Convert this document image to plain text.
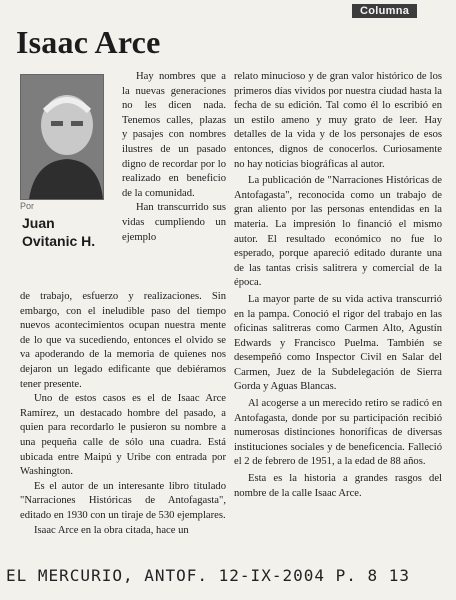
Columna
Isaac Arce
Por
Juan Ovitanic H.

Hay nombres que a la nuevas generaciones no les dicen nada. Tenemos calles, plazas y pasajes con nombres ilustres de un pasado digno de recordar por lo realizado en beneficio de la comunidad.

Han transcurrido sus vidas cumpliendo un ejemplo

de trabajo, esfuerzo y realizaciones. Sin embargo, con el ineludible paso del tiempo nuevos acontecimientos ocupan nuestra mente de lo que va sucediendo, entonces el olvido se va apoderando de la memoria de quienes nos dejaron un legado edificante que debiéramos tener presente.

Uno de estos casos es el de Isaac Arce Ramírez, un destacado hombre del pasado, a quien para recordarlo le pusieron su nombre a una pequeña calle de sólo una cuadra. Está ubicada entre Maipú y Uribe con entrada por Washington.

Es el autor de un interesante libro titulado "Narraciones Históricas de Antofagasta", editado en 1930 con un tiraje de 530 ejemplares.

Isaac Arce en la obra citada, hace un

relato minucioso y de gran valor histórico de los primeros días vividos por nuestra ciudad hasta la fecha de su edición. Tal como él lo escribió en un estilo ameno y muy grato de leer. Hay detalles de la vida y de los personajes de esos entonces, dignos de conocerlos. Curiosamente no hay noticias biográficas al autor.

La publicación de "Narraciones Históricas de Antofagasta", reconocida como un trabajo de gran aliento por las personas entendidas en la materia. La impresión lo financió el mismo autor. El resultado económico no fue lo esperado, porque apareció editado durante una de las tantas crisis salitrera y comercial de la época.

La mayor parte de su vida activa transcurrió en la pampa. Conoció el rigor del trabajo en las oficinas salitreras como Carmen Alto, Agustín Edwards y Francisco Puelma. También se desempeñó como Inspector Civil en Salar del Carmen, Juez de la Subdelegación de Sierra Gorda y Aguas Blancas.

Al acogerse a un merecido retiro se radicó en Antofagasta, donde por su participación recibió numerosas distinciones honoríficas de diversas instituciones sociales y de beneficencia. Falleció el 2 de febrero de 1951, a la edad de 88 años.

Esta es la historia a grandes rasgos del nombre de la calle Isaac Arce.

EL MERCURIO, ANTOF. 12-IX-2004 P. 8 13
